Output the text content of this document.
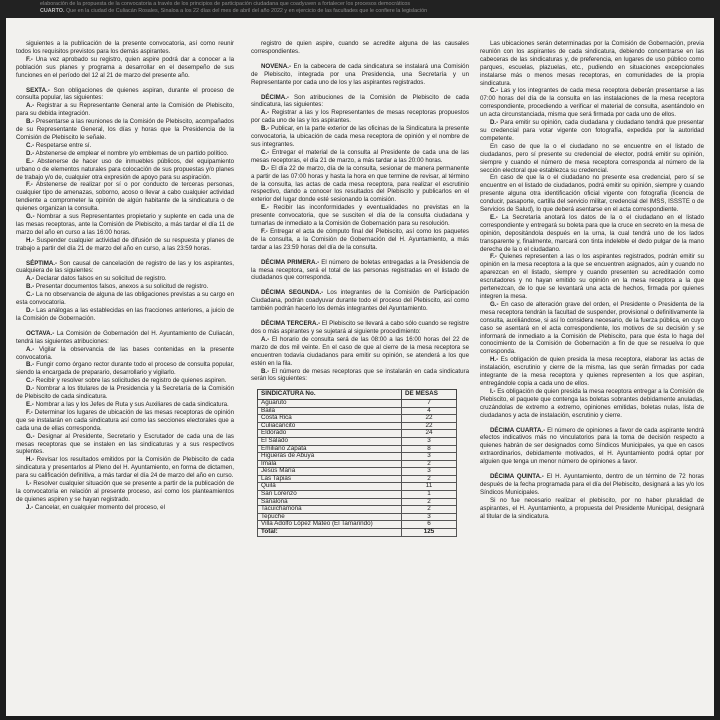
elaboración de la propuesta de la convocatoria a través de los principios de participación ciudadana que coadyuven a fortalecer los procesos democráticos
CUARTO. Que en la ciudad de Culiacán Rosales, Sinaloa a los 22 días del mes de abril del año 2022 y en ejercicio de las facultades que le confiere la legislación

siguientes a la publicación de la presente convocatoria, así como reunir todos los requisitos previstos para los demás aspirantes.

F.- Una vez aprobado su registro, quien aspire podrá dar a conocer a la población sus planes y programa a desarrollar en el desempeño de sus funciones en el período del 12 al 21 de marzo del presente año.

SEXTA.- Son obligaciones de quienes aspiran, durante el proceso de consulta popular, las siguientes:

A.- Registrar a su Representante General ante la Comisión de Plebiscito, para su debida integración.

B.- Presentarse a las reuniones de la Comisión de Plebiscito, acompañados de su Representante General, los días y horas que la Presidencia de la Comisión de Plebiscito le señale.

C.- Respetarse entre sí.

D.- Abstenerse de emplear el nombre y/o emblemas de un partido político.

E.- Abstenerse de hacer uso de inmuebles públicos, del equipamiento urbano o de elementos naturales para colocación de sus propuestas y/o planes de trabajo y/o de, cualquier otra expresión de apoyo para su aspiración.

F.- Abstenerse de realizar por sí o por conducto de terceras personas, cualquier tipo de amenazas, soborno, acoso o llevar a cabo cualquier actividad tendiente a comprometer la opinión de algún habitante de la sindicatura o de quienes organizan la consulta.

G.- Nombrar a sus Representantes propietario y suplente en cada una de las mesas receptoras, ante la Comisión de Plebiscito, a más tardar el día 11 de marzo del año en curso a las 16:00 horas.

H.- Suspender cualquier actividad de difusión de su respuesta y planes de trabajo a partir del día 21 de marzo del año en curso, a las 23:59 horas.

SÉPTIMA.- Son causal de cancelación de registro de las y los aspirantes, cualquiera de las siguientes:

A.- Declarar datos falsos en su solicitud de registro.

B.- Presentar documentos falsos, anexos a su solicitud de registro.

C.- La no observancia de alguna de las obligaciones previstas a su cargo en esta convocatoria.

D.- Las análogas a las establecidas en las fracciones anteriores, a juicio de la Comisión de Gobernación.

OCTAVA.- La Comisión de Gobernación del H. Ayuntamiento de Culiacán, tendrá las siguientes atribuciones:

A.- Vigilar la observancia de las bases contenidas en la presente convocatoria.

B.- Fungir como órgano rector durante todo el proceso de consulta popular, siendo la encargada de preparario, desarrollario y vigilarlo.

C.- Recibir y resolver sobre las solicitudes de registro de quienes aspiren.

D.- Nombrar a los titulares de la Presidencia y la Secretaría de la Comisión de Plebiscito de cada sindicatura.

E.- Nombrar a las y los Jefes de Ruta y sus Auxiliares de cada sindicatura.

F.- Determinar los lugares de ubicación de las mesas receptoras de opinión que se instalarán en cada sindicatura así como las secciones electorales que a cada una de ellas corresponda.

G.- Designar al Presidente, Secretario y Escrutador de cada una de las mesas receptoras que se instalen en las sindicaturas y a sus respectivos suplentes.

H.- Revisar los resultados emitidos por la Comisión de Plebiscito de cada sindicatura y presentarlos al Pleno del H. Ayuntamiento, en forma de dictamen, para su calificación definitiva, a más tardar el día 24 de marzo del año en curso.

I.- Resolver cualquier situación que se presente a partir de la publicación de la convocatoria en relación al presente proceso, así como los planteamientos de quienes aspiren y se hayan registrado.

J.- Cancelar, en cualquier momento del proceso, el

registro de quien aspire, cuando se acredite alguna de las causales correspondientes.

NOVENA.- En la cabecera de cada sindicatura se instalará una Comisión de Plebiscito, integrada por una Presidencia, una Secretaría y un Representante por cada uno de los y las aspirantes registrados.

DÉCIMA.- Son atribuciones de la Comisión de Plebiscito de cada sindicatura, las siguientes:

A.- Registrar a las y los Representantes de mesas receptoras propuestos por cada uno de las y los aspirantes.

B.- Publicar, en la parte exterior de las oficinas de la Sindicatura la presente convocatoria, la ubicación de cada mesa receptora de opinión y el nombre de sus integrantes.

C.- Entregar el material de la consulta al Presidente de cada una de las mesas receptoras, el día 21 de marzo, a más tardar a las 20:00 horas.

D.- El día 22 de marzo, día de la consulta, sesionar de manera permanente a partir de las 07:00 horas y hasta la hora en que termine de revisar, al término de la consulta, las actas de cada mesa receptora, para realizar el escrutinio respectivo, dando a conocer los resultados del Plebiscito y publicarlos en el exterior del lugar donde esté sesionando la comisión.

E.- Recibir las inconformidades y eventualidades no previstas en la presente convocatoria, que se susciten el día de la consulta ciudadana y turnarlas de inmediato a la Comisión de Gobernación para su resolución.

F.- Entregar el acta de cómputo final del Plebiscito, así como los paquetes de la consulta, a la Comisión de Gobernación del H. Ayuntamiento, a más tardar a las 23:59 horas del día de la consulta.

DÉCIMA PRIMERA.- El número de boletas entregadas a la Presidencia de la mesa receptora, será el total de las personas registradas en el listado de ciudadanos que corresponda.

DÉCIMA SEGUNDA.- Los integrantes de la Comisión de Participación Ciudadana, podrán coadyuvar durante todo el proceso del Plebiscito, así como también podrán hacerlo los demás integrantes del Ayuntamiento.

DÉCIMA TERCERA.- El Plebiscito se llevará a cabo sólo cuando se registre dos o más aspirantes y se sujetará al siguiente procedimiento:

A.- El horario de consulta será de las 08:00 a las 16:00 horas del 22 de marzo de dos mil veinte. En el caso de que al cierre de la mesa receptora se encuentren todavía ciudadanos para emitir su opinión, se atenderá a los que estén en la fila.

B.- El número de mesas receptoras que se instalarán en cada sindicatura serán los siguientes:

SINDICATURA No.	DE MESAS
Aguaruto	7
Baila	4
Costa Rica	22
Culiacancito	22
Eldorado	24
El Salado	3
Emiliano Zapata	8
Higueras de Abuya	3
Imala	2
Jesús María	3
Las Tapias	2
Quilá	11
San Lorenzo	1
Sanalona	2
Tacuichamona	2
Tepuche	3
Villa Adolfo López Mateo (El Tamarindo)	6
Total:	125

Las ubicaciones serán determinadas por la Comisión de Gobernación, previa reunión con los aspirantes de cada sindicatura, debiendo concentrarse en las cabeceras de las sindicaturas y, de preferencia, en lugares de uso público como parques, escuelas, plazuelas, etc., pudiendo en situaciones excepcionales instalarse más o menos mesas receptoras, en comunidades de la propia sindicatura.

C.- Las y los integrantes de cada mesa receptora deberán presentarse a las 07:00 horas del día de la consulta en las instalaciones de la mesa receptora correspondiente, procediendo a verificar el material de consulta, asentándolo en un acta circunstanciada, misma que será firmada por cada uno de ellos.

D.- Para emitir su opinión, cada ciudadana y ciudadano tendrá que presentar su credencial para votar vigente con fotografía, expedida por la autoridad competente.

En caso de que la o el ciudadano no se encuentre en el listado de ciudadanos, pero sí presente su credencial de elector, podrá emitir su opinión, siempre y cuando el número de mesa receptora corresponda al número de la sección electoral que establezca su credencial.

En caso de que la o el ciudadano no presente esa credencial, pero sí se encuentre en el listado de ciudadanos, podrá emitir su opinión, siempre y cuando presente alguna otra identificación oficial vigente con fotografía (licencia de conducir, pasaporte, cartilla del servicio militar, credencial del IMSS, ISSSTE o de Servicios de Salud), lo que deberá asentarse en el acta correspondiente.

E.- La Secretaría anotará los datos de la o el ciudadano en el listado correspondiente y entregará su boleta para que la cruce en secreto en la mesa de opinión, depositándola después en la urna, la cual tendrá uno de los lados transparente y, finalmente, marcará con tinta indeleble el dedo pulgar de la mano derecha de la o el ciudadano.

F.- Quienes representen a las o los aspirantes registrados, podrán emitir su opinión en la mesa receptora a la que se encuentren asignados, aún y cuando no aparezcan en el listado, siempre y cuando presenten su acreditación como escrutadores y no hayan emitido su opinión en la mesa receptora a la que pertenezcan, de lo que se levantará una acta de hechos, firmada por quienes integren la mesa.

G.- En caso de alteración grave del orden, el Presidente o Presidenta de la mesa receptora tendrán la facultad de suspender, provisional o definitivamente la consulta, auxiliándose, si así lo considera necesario, de la fuerza pública, en cuyo caso se asentará en el acta correspondiente, los motivos de su decisión y se informará de inmediato a la Comisión de Plebiscito, para que ésta lo haga del conocimiento de la Comisión de Gobernación a fin de que se resuelva lo que corresponda.

H.- Es obligación de quien presida la mesa receptora, elaborar las actas de instalación, escrutinio y cierre de la misma, las que serán firmadas por cada integrante de la mesa receptora y quienes representen a los que aspiran, entregándole copia a cada uno de ellos.

I.- Es obligación de quien presida la mesa receptora entregar a la Comisión de Plebiscito, el paquete que contenga las boletas sobrantes debidamente anuladas, cruzándolas de extremo a extremo, opiniones emitidas, boletas nulas, lista de ciudadanos y acta de instalación, escrutinio y cierre.

DÉCIMA CUARTA.- El número de opiniones a favor de cada aspirante tendrá efectos indicativos más no vinculatorios para la toma de decisión respecto a quienes habrán de ser designados como Síndicos Municipales, ya que en casos extraordinarios, debidamente motivados, el H. Ayuntamiento podrá optar por alguien que tenga un menor número de opiniones a favor.

DÉCIMA QUINTA.- El H. Ayuntamiento, dentro de un término de 72 horas después de la fecha programada para el día del Plebiscito, designará a las y/o los Síndicos Municipales.

Si no fue necesario realizar el plebiscito, por no haber pluralidad de aspirantes, el H. Ayuntamiento, a propuesta del Presidente Municipal, designará al titular de la sindicatura.
